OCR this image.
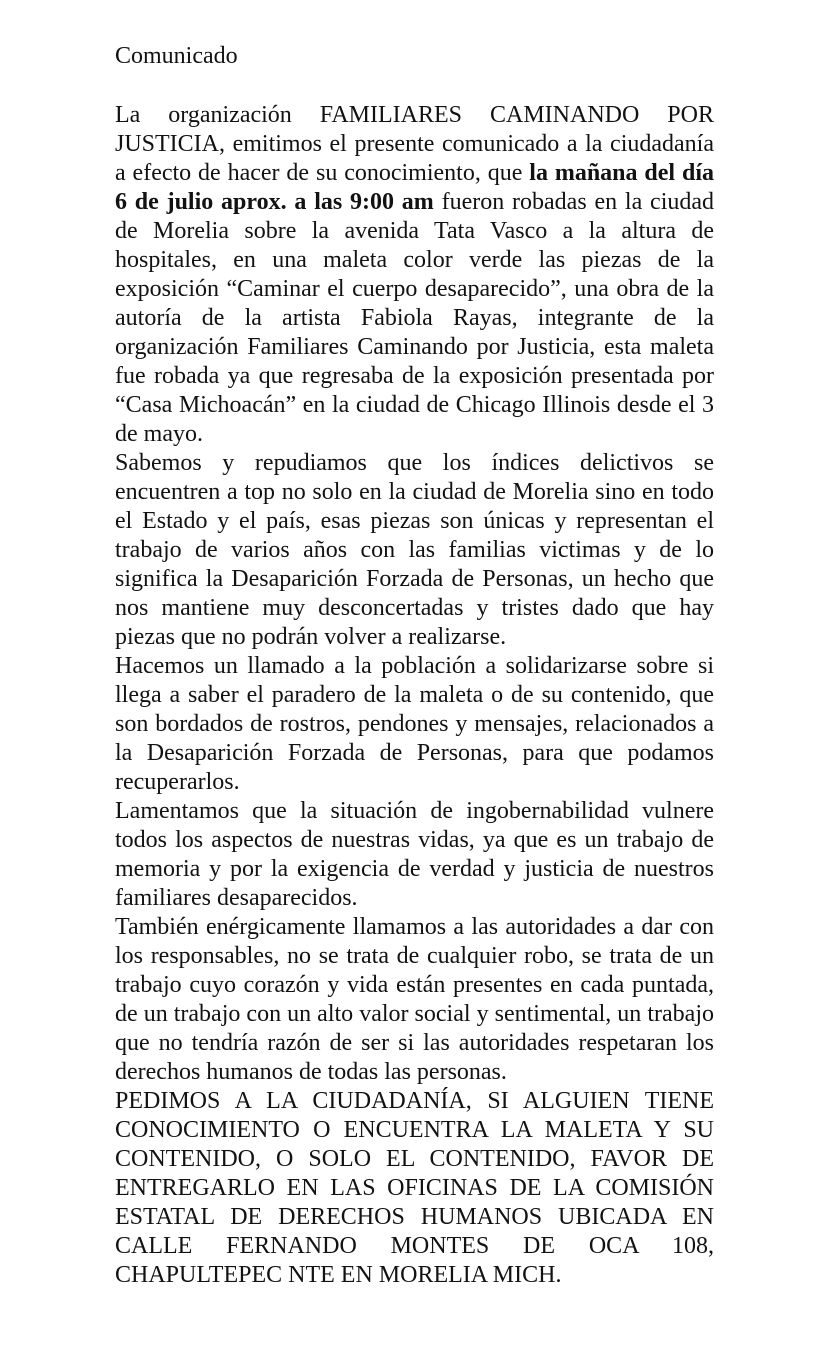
Comunicado

La organización FAMILIARES CAMINANDO POR JUSTICIA, emitimos el presente comunicado a la ciudadanía a efecto de hacer de su conocimiento, que la mañana del día 6 de julio aprox. a las 9:00 am fueron robadas en la ciudad de Morelia sobre la avenida Tata Vasco a la altura de hospitales, en una maleta color verde las piezas de la exposición “Caminar el cuerpo desaparecido”, una obra de la autoría de la artista Fabiola Rayas, integrante de la organización Familiares Caminando por Justicia, esta maleta fue robada ya que regresaba de la exposición presentada por “Casa Michoacán” en la ciudad de Chicago Illinois desde el 3 de mayo.

Sabemos y repudiamos que los índices delictivos se encuentren a top no solo en la ciudad de Morelia sino en todo el Estado y el país, esas piezas son únicas y representan el trabajo de varios años con las familias victimas y de lo significa la Desaparición Forzada de Personas, un hecho que nos mantiene muy desconcertadas y tristes dado que hay piezas que no podrán volver a realizarse.

Hacemos un llamado a la población a solidarizarse sobre si llega a saber el paradero de la maleta o de su contenido, que son bordados de rostros, pendones y mensajes, relacionados a la Desaparición Forzada de Personas, para que podamos recuperarlos.

Lamentamos que la situación de ingobernabilidad vulnere todos los aspectos de nuestras vidas, ya que es un trabajo de memoria y por la exigencia de verdad y justicia de nuestros familiares desaparecidos.

También enérgicamente llamamos a las autoridades a dar con los responsables, no se trata de cualquier robo, se trata de un trabajo cuyo corazón y vida están presentes en cada puntada, de un trabajo con un alto valor social y sentimental, un trabajo que no tendría razón de ser si las autoridades respetaran los derechos humanos de todas las personas.

PEDIMOS A LA CIUDADANÍA, SI ALGUIEN TIENE CONOCIMIENTO O ENCUENTRA LA MALETA Y SU CONTENIDO, O SOLO EL CONTENIDO, FAVOR DE ENTREGARLO EN LAS OFICINAS DE LA COMISIÓN ESTATAL DE DERECHOS HUMANOS UBICADA EN CALLE FERNANDO MONTES DE OCA 108, CHAPULTEPEC NTE EN MORELIA MICH.
